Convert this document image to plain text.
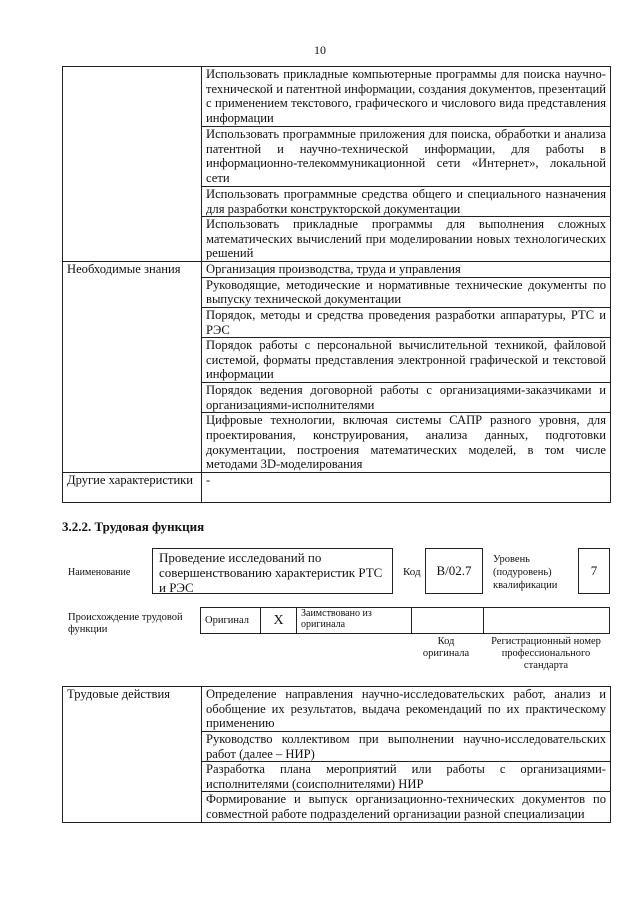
10
	Использовать прикладные компьютерные программы для поиска научно-технической и патентной информации, создания документов, презентаций с применением текстового, графического и числового вида представления информации
	Использовать программные приложения для поиска, обработки и анализа патентной и научно-технической информации, для работы в информационно-телекоммуникационной сети «Интернет», локальной сети
	Использовать программные средства общего и специального назначения для разработки конструкторской документации
	Использовать прикладные программы для выполнения сложных математических вычислений при моделировании новых технологических решений
Необходимые знания	Организация производства, труда и управления
	Руководящие, методические и нормативные технические документы по выпуску технической документации
	Порядок, методы и средства проведения разработки аппаратуры, РТС и РЭС
	Порядок работы с персональной вычислительной техникой, файловой системой, форматы представления электронной графической и текстовой информации
	Порядок ведения договорной работы с организациями-заказчиками и организациями-исполнителями
	Цифровые технологии, включая системы САПР разного уровня, для проектирования, конструирования, анализа данных, подготовки документации, построения математических моделей, в том числе методами 3D-моделирования
Другие характеристики	-
3.2.2. Трудовая функция
Наименование
Проведение исследований по совершенствованию характеристик РТС и РЭС
Код	B/02.7
Уровень (подуровень) квалификации
7
Происхождение трудовой функции
Оригинал	X	Заимствовано из оригинала		
Код оригинала
Регистрационный номер профессионального стандарта
Трудовые действия	Определение направления научно-исследовательских работ, анализ и обобщение их результатов, выдача рекомендаций по их практическому применению
Руководство коллективом при выполнении научно-исследовательских работ (далее – НИР)
Разработка плана мероприятий или работы с организациями-исполнителями (соисполнителями) НИР
Формирование и выпуск организационно-технических документов по совместной работе подразделений организации разной специализации
